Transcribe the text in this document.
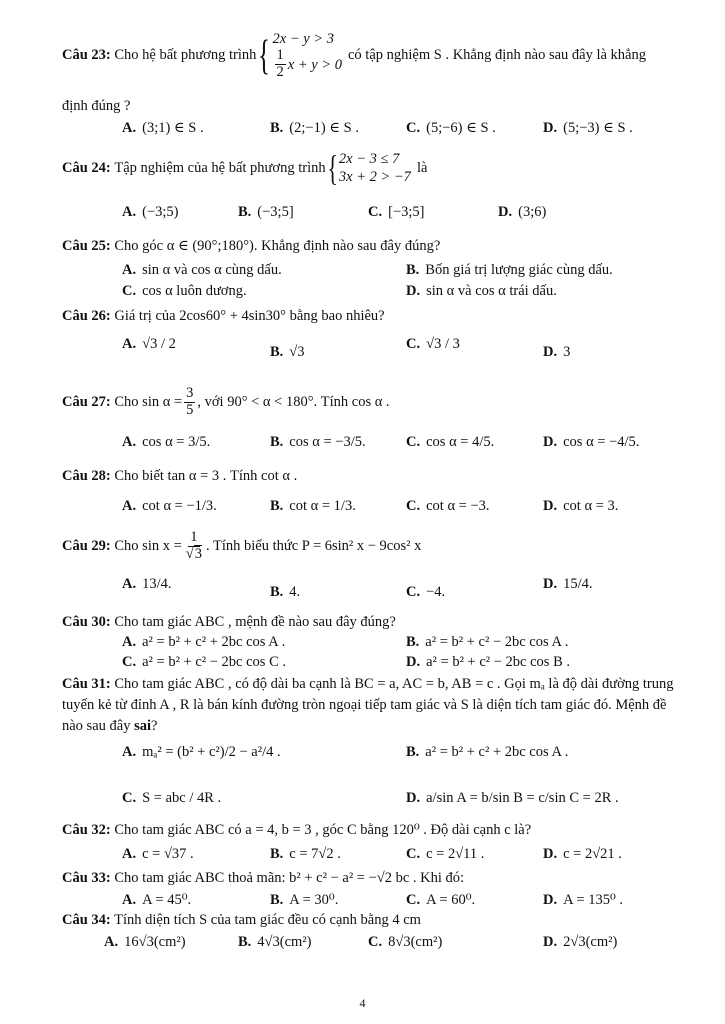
Câu 23:
Cho hệ bất phương trình { 2x − y > 3
$\frac{1}{2}$ x + y > 0
có tập nghiệm S . Khẳng định nào sau đây là khẳng
định đúng ?
A. (3;1) ∈ S .	B. (2;−1) ∈ S .	C. (5;−6) ∈ S .	D. (5;−3) ∈ S .
Câu 24:
Tập nghiệm của hệ bất phương trình { 2x − 3 ≤ 7
3x + 2 > −7
là
A. (−3;5)	B. (−3;5]	C. [−3;5]	D. (3;6)
Câu 25: Cho góc α ∈ (90°;180°). Khẳng định nào sau đây đúng?
A. sin α và cos α cùng dấu.	B. Bốn giá trị lượng giác cùng dấu.
C. cos α luôn dương.	D. sin α và cos α trái dấu.
Câu 26: Giá trị của 2cos60° + 4sin30° bằng bao nhiêu?
A. √3 / 2	B. √3	C. √3 / 3	D. 3
Câu 27:
Cho $\sin \alpha = \frac{3}{5}$ , với 90° < α < 180°. Tính cos α .
A. cos α = 3/5.	B. cos α = −3/5.	C. cos α = 4/5.	D. cos α = −4/5.
Câu 28: Cho biết tan α = 3 . Tính cot α .
A. cot α = −1/3.	B. cot α = 1/3.	C. cot α = −3.	D. cot α = 3.
Câu 29:
Cho $\sin x = \frac{1}{√3}$ . Tính biểu thức P = 6sin² x − 9cos² x
A. 13/4.	B. 4.	C. −4.	D. 15/4.
Câu 30: Cho tam giác ABC , mệnh đề nào sau đây đúng?
A. a² = b² + c² + 2bc cos A .	B. a² = b² + c² − 2bc cos A .
C. a² = b² + c² − 2bc cos C .	D. a² = b² + c² − 2bc cos B .
Câu 31: Cho tam giác ABC , có độ dài ba cạnh là BC = a, AC = b, AB = c . Gọi mₐ là độ dài đường trung tuyến kẻ từ đỉnh A , R là bán kính đường tròn ngoại tiếp tam giác và S là diện tích tam giác đó. Mệnh đề nào sau đây sai?
A. mₐ² = (b² + c²)/2 − a²/4 .	B. a² = b² + c² + 2bc cos A .
C. S = abc / 4R .	D. a/sin A = b/sin B = c/sin C = 2R .
Câu 32: Cho tam giác ABC có a = 4, b = 3 , góc C bằng 120⁰ . Độ dài cạnh c là?
A. c = √37 .	B. c = 7√2 .	C. c = 2√11 .	D. c = 2√21 .
Câu 33: Cho tam giác ABC thoả mãn: b² + c² − a² = −√2 bc . Khi đó:
A. A = 45⁰.	B. A = 30⁰.	C. A = 60⁰.	D. A = 135⁰ .
Câu 34: Tính diện tích S của tam giác đều có cạnh bằng 4 cm
A. 16√3(cm²)	B. 4√3(cm²)	C. 8√3(cm²)	D. 2√3(cm²)
4
